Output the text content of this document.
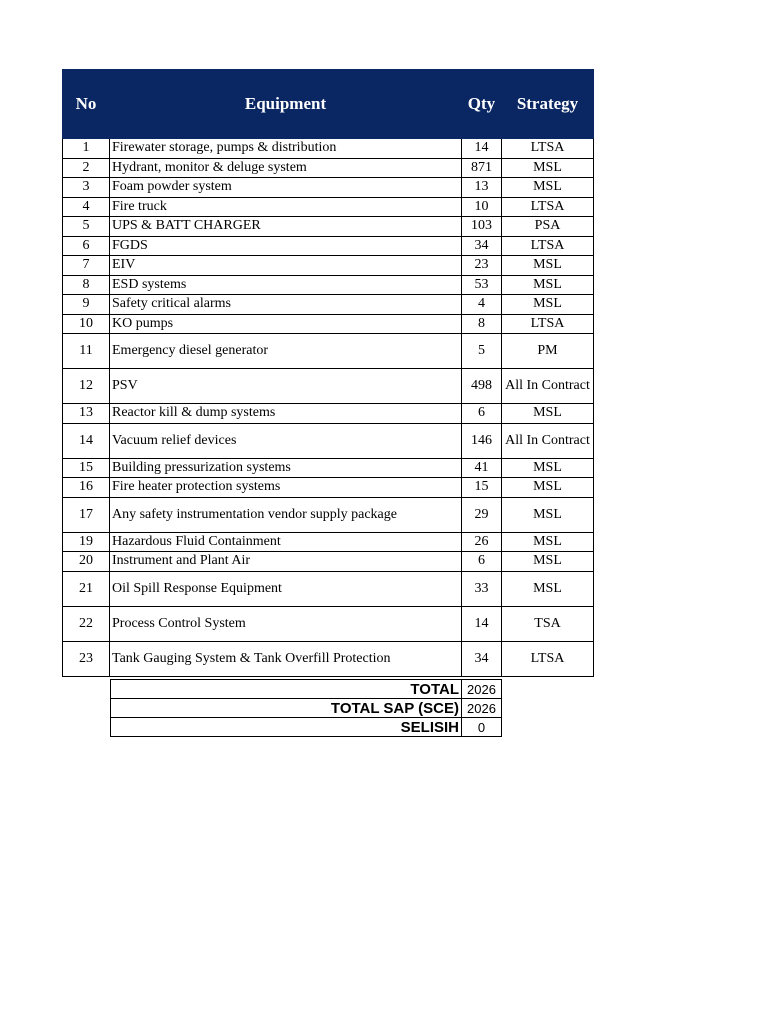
No	Equipment	Qty	Strategy
1	Firewater storage, pumps & distribution	14	LTSA
2	Hydrant, monitor & deluge system	871	MSL
3	Foam powder system	13	MSL
4	Fire truck	10	LTSA
5	UPS & BATT CHARGER	103	PSA
6	FGDS	34	LTSA
7	EIV	23	MSL
8	ESD systems	53	MSL
9	Safety critical alarms	4	MSL
10	KO pumps	8	LTSA
11	Emergency diesel generator	5	PM
12	PSV	498	All In Contract
13	Reactor kill & dump systems	6	MSL
14	Vacuum relief devices	146	All In Contract
15	Building pressurization systems	41	MSL
16	Fire heater protection systems	15	MSL
17	Any safety instrumentation vendor supply package	29	MSL
19	Hazardous Fluid Containment	26	MSL
20	Instrument and Plant Air	6	MSL
21	Oil Spill Response Equipment	33	MSL
22	Process Control System	14	TSA
23	Tank Gauging System & Tank Overfill Protection	34	LTSA
TOTAL	2026
TOTAL SAP (SCE)	2026
SELISIH	0
